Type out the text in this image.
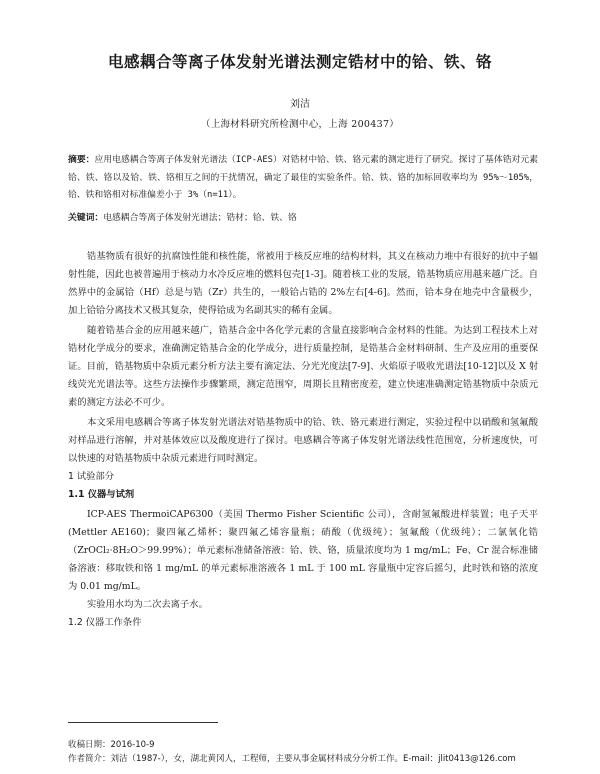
电感耦合等离子体发射光谱法测定锆材中的铪、铁、铬
刘洁
（上海材料研究所检测中心，上海 200437）
摘要：应用电感耦合等离子体发射光谱法（ICP-AES）对锆材中铪、铁、铬元素的测定进行了研究。探讨了基体锆对元素铪、铁、铬以及铪、铁、铬相互之间的干扰情况，确定了最佳的实验条件。铪、铁、铬的加标回收率均为 95%～105%，铪、铁和铬相对标准偏差小于 3%（n=11）。
关键词：电感耦合等离子体发射光谱法；锆材；铪、铁、铬

锆基物质有很好的抗腐蚀性能和核性能，常被用于核反应堆的结构材料，其义在核动力堆中有很好的抗中子辐射性能，因此也被普遍用于核动力水冷反应堆的燃料包壳[1-3]。随着核工业的发展，锆基物质应用越来越广泛。自然界中的金属铪（Hf）总是与锆（Zr）共生的，一般铪占锆的 2%左右[4-6]。然而，铪本身在地壳中含量极少，加上铪铪分离技术又极其复杂，使得铪成为名副其实的稀有金属。

随着锆基合金的应用越来越广，锆基合金中各化学元素的含量直接影响合金材料的性能。为达到工程技术上对锆材化学成分的要求，准确测定锆基合金的化学成分，进行质量控制，是锆基合金材料研制、生产及应用的重要保证。目前，锆基物质中杂质元素分析方法主要有滴定法、分光光度法[7-9]、火焰原子吸收光谱法[10-12]以及 X 射线荧光光谱法等。这些方法操作步骤繁琐，测定范围窄，周期长且精密度差，建立快速准确测定锆基物质中杂质元素的测定方法必不可少。

本文采用电感耦合等离子体发射光谱法对锆基物质中的铪、铁、铬元素进行测定，实验过程中以硝酸和氢氟酸对样品进行溶解，并对基体效应以及酸度进行了探讨。电感耦合等离子体发射光谱法线性范围宽，分析速度快，可以快速的对锆基物质中杂质元素进行同时测定。

1 试验部分

1.1 仪器与试剂

ICP-AES ThermoiCAP6300（美国 Thermo Fisher Scientific 公司），含耐氢氟酸进样装置；电子天平 (Mettler AE160)；聚四氟乙烯杯；聚四氟乙烯容量瓶；硝酸（优级纯）；氢氟酸（优级纯）；二氯氧化锆（ZrOCl₂·8H₂O＞99.99%）；单元素标准储备溶液：铪、铁、铬，质量浓度均为 1 mg/mL；Fe、Cr 混合标准储备溶液：移取铁和铬 1 mg/mL 的单元素标准溶液各 1 mL 于 100 mL 容量瓶中定容后摇匀，此时铁和铬的浓度为 0.01 mg/mL。

实验用水均为二次去离子水。

1.2 仪器工作条件

收稿日期：2016-10-9
作者简介：刘洁（1987-），女，湖北黄冈人，工程师，主要从事金属材料成分分析工作。E-mail：jlit0413@126.com
